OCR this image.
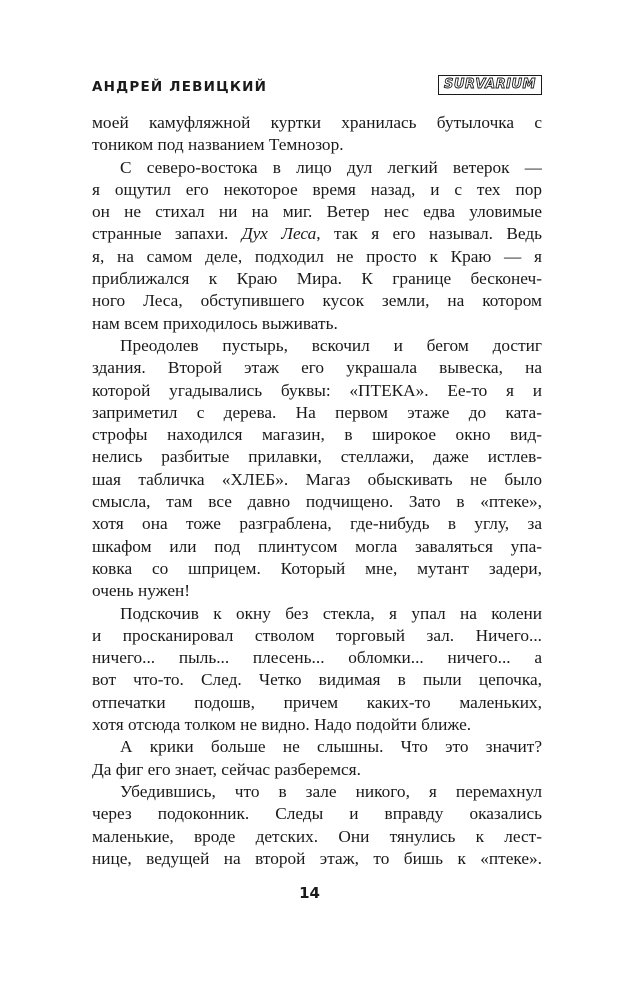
АНДРЕЙ ЛЕВИЦКИЙ	SURVARIUM
моей камуфляжной куртки хранилась бутылочка с
тоником под названием Темнозор.
С северо-востока в лицо дул легкий ветерок —
я ощутил его некоторое время назад, и с тех пор
он не стихал ни на миг. Ветер нес едва уловимые
странные запахи. Дух Леса, так я его называл. Ведь
я, на самом деле, подходил не просто к Краю — я
приближался к Краю Мира. К границе бесконеч-
ного Леса, обступившего кусок земли, на котором
нам всем приходилось выживать.
Преодолев пустырь, вскочил и бегом достиг
здания. Второй этаж его украшала вывеска, на
которой угадывались буквы: «ПТЕКА». Ее-то я и
заприметил с дерева. На первом этаже до ката-
строфы находился магазин, в широкое окно вид-
нелись разбитые прилавки, стеллажи, даже истлев-
шая табличка «ХЛЕБ». Магаз обыскивать не было
смысла, там все давно подчищено. Зато в «птеке»,
хотя она тоже разграблена, где-нибудь в углу, за
шкафом или под плинтусом могла заваляться упа-
ковка со шприцем. Который мне, мутант задери,
очень нужен!
Подскочив к окну без стекла, я упал на колени
и просканировал стволом торговый зал. Ничего...
ничего... пыль... плесень... обломки... ничего... а
вот что-то. След. Четко видимая в пыли цепочка,
отпечатки подошв, причем каких-то маленьких,
хотя отсюда толком не видно. Надо подойти ближе.
А крики больше не слышны. Что это значит?
Да фиг его знает, сейчас разберемся.
Убедившись, что в зале никого, я перемахнул
через подоконник. Следы и вправду оказались
маленькие, вроде детских. Они тянулись к лест-
нице, ведущей на второй этаж, то бишь к «птеке».
14
